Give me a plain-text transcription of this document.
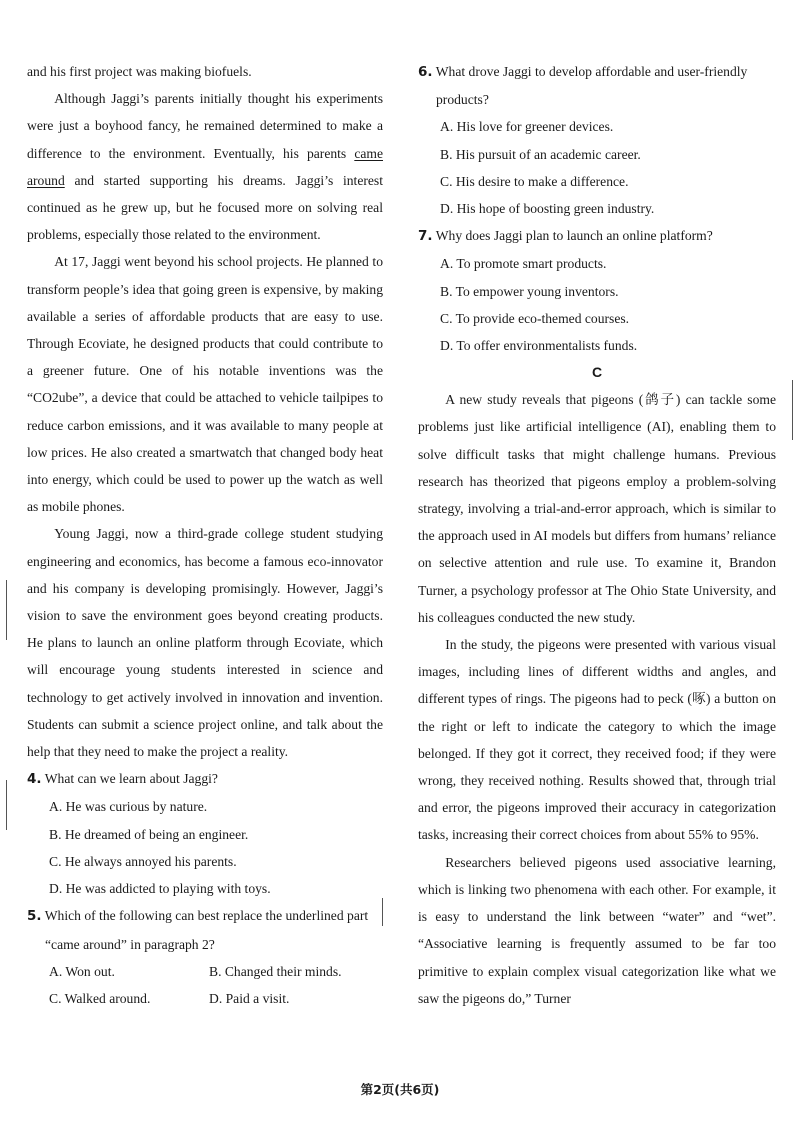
and his first project was making biofuels.

Although Jaggi’s parents initially thought his experiments were just a boyhood fancy, he remained determined to make a difference to the environment. Eventually, his parents came around and started supporting his dreams. Jaggi’s interest continued as he grew up, but he focused more on solving real problems, especially those related to the environment.

At 17, Jaggi went beyond his school projects. He planned to transform people’s idea that going green is expensive, by making available a series of affordable products that are easy to use. Through Ecoviate, he designed products that could contribute to a greener future. One of his notable inventions was the “CO2ube”, a device that could be attached to vehicle tailpipes to reduce carbon emissions, and it was available to many people at low prices. He also created a smartwatch that changed body heat into energy, which could be used to power up the watch as well as mobile phones.

Young Jaggi, now a third-grade college student studying engineering and economics, has become a famous eco-innovator and his company is developing promisingly. However, Jaggi’s vision to save the environment goes beyond creating products. He plans to launch an online platform through Ecoviate, which will encourage young students interested in science and technology to get actively involved in innovation and invention. Students can submit a science project online, and talk about the help that they need to make the project a reality.

4. What can we learn about Jaggi?
A. He was curious by nature.
B. He dreamed of being an engineer.
C. He always annoyed his parents.
D. He was addicted to playing with toys.
5. Which of the following can best replace the underlined part “came around” in paragraph 2?
A. Won out.	B. Changed their minds.
C. Walked around.	D. Paid a visit.
6. What drove Jaggi to develop affordable and user-friendly products?
A. His love for greener devices.
B. His pursuit of an academic career.
C. His desire to make a difference.
D. His hope of boosting green industry.
7. Why does Jaggi plan to launch an online platform?
A. To promote smart products.
B. To empower young inventors.
C. To provide eco-themed courses.
D. To offer environmentalists funds.
C

A new study reveals that pigeons (鸽子) can tackle some problems just like artificial intelligence (AI), enabling them to solve difficult tasks that might challenge humans. Previous research has theorized that pigeons employ a problem-solving strategy, involving a trial-and-error approach, which is similar to the approach used in AI models but differs from humans’ reliance on selective attention and rule use. To examine it, Brandon Turner, a psychology professor at The Ohio State University, and his colleagues conducted the new study.

In the study, the pigeons were presented with various visual images, including lines of different widths and angles, and different types of rings. The pigeons had to peck (啄) a button on the right or left to indicate the category to which the image belonged. If they got it correct, they received food; if they were wrong, they received nothing. Results showed that, through trial and error, the pigeons improved their accuracy in categorization tasks, increasing their correct choices from about 55% to 95%.

Researchers believed pigeons used associative learning, which is linking two phenomena with each other. For example, it is easy to understand the link between “water” and “wet”. “Associative learning is frequently assumed to be far too primitive to explain complex visual categorization like what we saw the pigeons do,” Turner

第2页(共6页)
